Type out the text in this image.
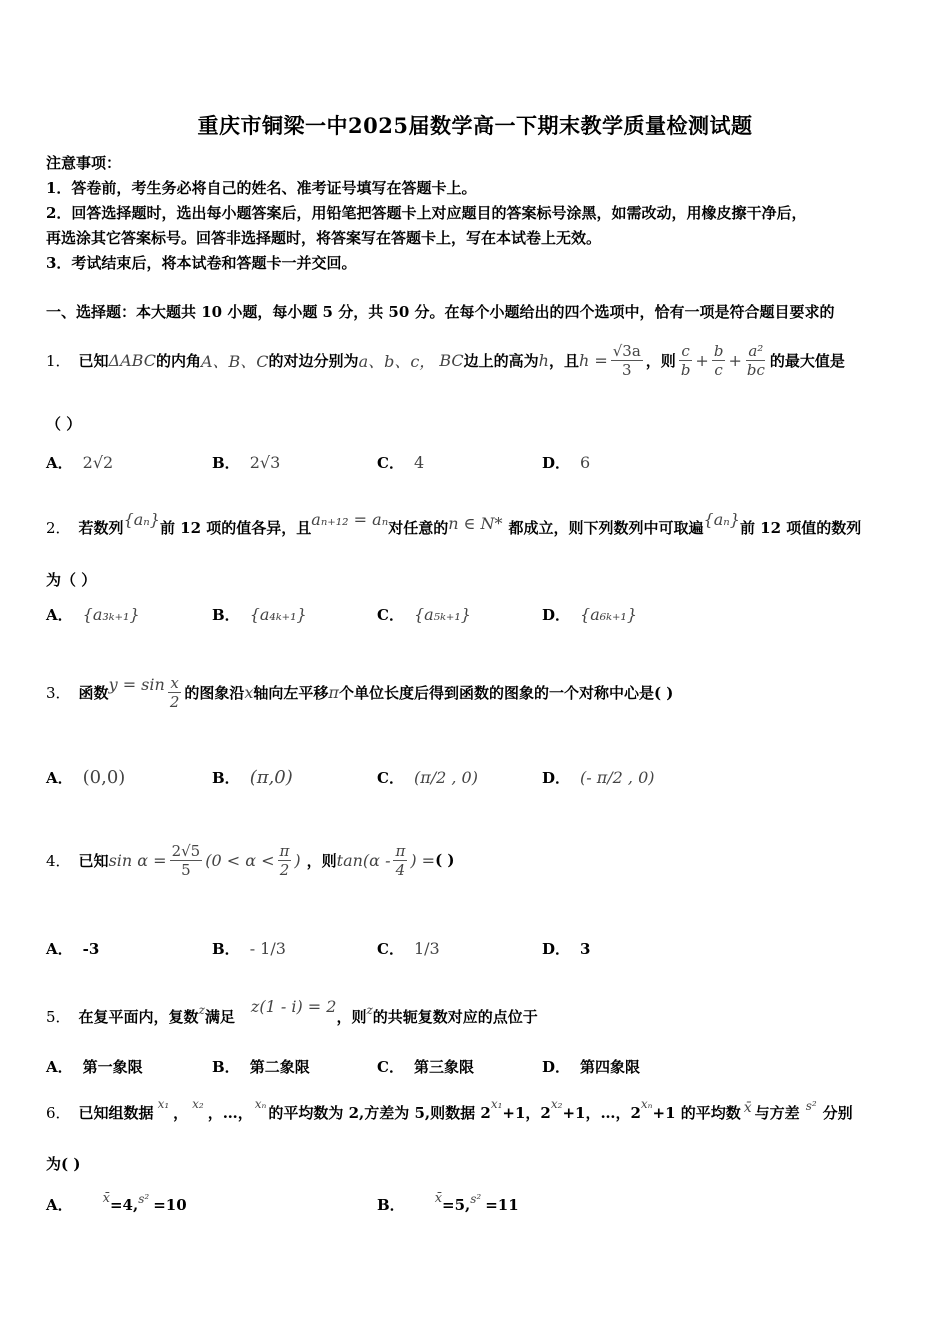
重庆市铜梁一中2025届数学高一下期末教学质量检测试题
注意事项：
1．答卷前，考生务必将自己的姓名、准考证号填写在答题卡上。
2．回答选择题时，选出每小题答案后，用铅笔把答题卡上对应题目的答案标号涂黑，如需改动，用橡皮擦干净后，
再选涂其它答案标号。回答非选择题时，将答案写在答题卡上，写在本试卷上无效。
3．考试结束后，将本试卷和答题卡一并交回。
一、选择题：本大题共 10 小题，每小题 5 分，共 50 分。在每个小题给出的四个选项中，恰有一项是符合题目要求的
1． 已知 ΔABC 的内角 A、B、C 的对边分别为 a、b、c， BC 边上的高为 h ，且 $h = \frac{√3a}{3}$ ，则 $\frac{c}{b} + \frac{b}{c} + \frac{\text{a²}}{bc}$ 的最大值是
（ ）
A． 2√2	B． 2√3	C． 4	D． 6
2． 若数列 {aₙ} 前 12 项的值各异，且 aₙ₊₁₂ = aₙ 对任意的 n ∈ N* 都成立，则下列数列中可取遍 {aₙ} 前 12 项值的数列
为（ ）
A． {a₃ₖ₊₁}	B． {a₄ₖ₊₁}	C． {a₅ₖ₊₁}	D． {a₆ₖ₊₁}
3． 函数 $y = \sin \frac{x}{2}$ 的图象沿 x 轴向左平移 π 个单位长度后得到函数的图象的一个对称中心是( )
A． (0,0)	B． (π,0)	C． (π/2 , 0)	D． (- π/2 , 0)
4． 已知 $\sin \alpha = \frac{2√5}{5} (0 < \alpha < \frac{\pi}{2}$ ) ，则 $\tan(\alpha - \frac{\pi}{4}$ ) = ( )
A． -3	B． - 1/3	C． 1/3	D． 3
5． 在复平面内，复数 z 满足
z(1 - i) = 2
，则 z 的共轭复数对应的点位于
A． 第一象限	B． 第二象限	C． 第三象限	D． 第四象限
6． 已知组数据 x₁ ， x₂ ，…， xₙ 的平均数为 2,方差为 5,则数据 2 x₁ +1，2 x₂ +1，…，2 xₙ +1 的平均数 x̄ 与方差 s² 分别
为( )
A． x̄ =4, s² =10	B． x̄ =5, s² =11
